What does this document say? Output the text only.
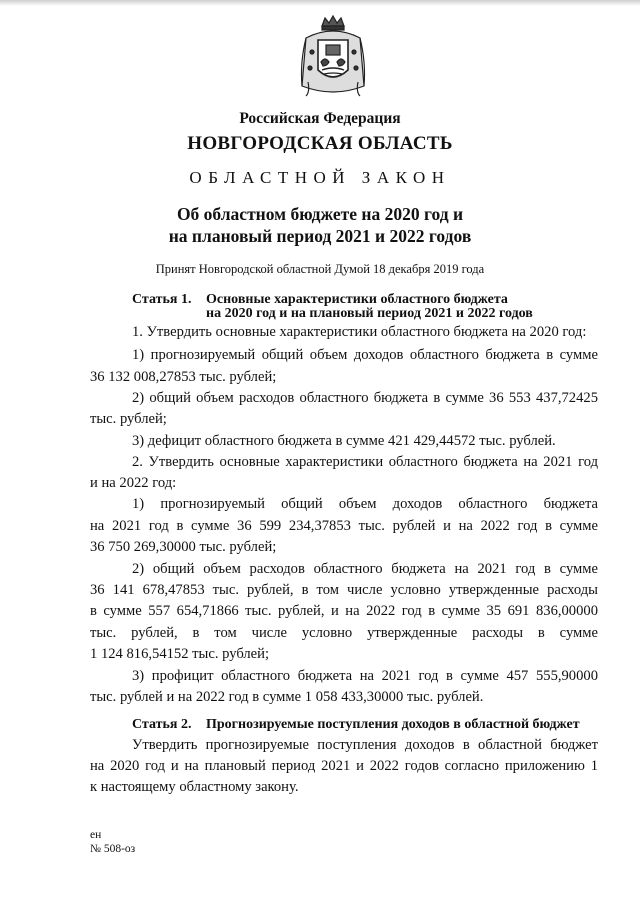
Российская Федерация
НОВГОРОДСКАЯ ОБЛАСТЬ
ОБЛАСТНОЙ ЗАКОН
Об областном бюджете на 2020 год и
на плановый период 2021 и 2022 годов
Принят Новгородской областной Думой 18 декабря 2019 года
Статья 1. Основные характеристики областного бюджета
на 2020 год и на плановый период 2021 и 2022 годов
1. Утвердить основные характеристики областного бюджета на 2020 год:
1) прогнозируемый общий объем доходов областного бюджета в сумме
36 132 008,27853 тыс. рублей;
2) общий объем расходов областного бюджета в сумме 36 553 437,72425
тыс. рублей;
3) дефицит областного бюджета в сумме 421 429,44572 тыс. рублей.
2. Утвердить основные характеристики областного бюджета на 2021 год
и на 2022 год:
1) прогнозируемый общий объем доходов областного бюджета
на 2021 год в сумме 36 599 234,37853 тыс. рублей и на 2022 год в сумме
36 750 269,30000 тыс. рублей;
2) общий объем расходов областного бюджета на 2021 год в сумме
36 141 678,47853 тыс. рублей, в том числе условно утвержденные расходы
в сумме 557 654,71866 тыс. рублей, и на 2022 год в сумме 35 691 836,00000
тыс. рублей, в том числе условно утвержденные расходы в сумме
1 124 816,54152 тыс. рублей;
3) профицит областного бюджета на 2021 год в сумме 457 555,90000
тыс. рублей и на 2022 год в сумме 1 058 433,30000 тыс. рублей.
Статья 2. Прогнозируемые поступления доходов в областной бюджет
Утвердить прогнозируемые поступления доходов в областной бюджет
на 2020 год и на плановый период 2021 и 2022 годов согласно приложению 1
к настоящему областному закону.
ен
№ 508-оз
